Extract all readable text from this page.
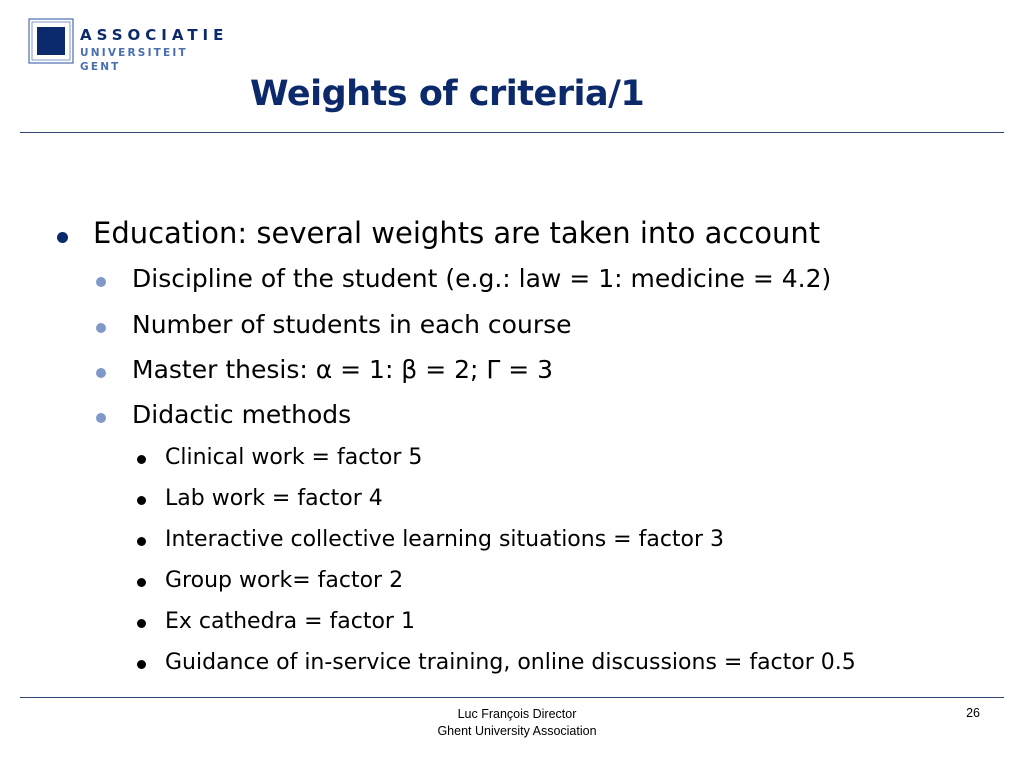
ASSOCIATIE
UNIVERSITEIT GENT
Weights of criteria/1
Education: several weights are taken into account
Discipline of the student (e.g.: law = 1: medicine = 4.2)
Number of students in each course
Master thesis: α = 1: β = 2; Γ = 3
Didactic methods
Clinical work = factor 5
Lab work = factor 4
Interactive collective learning situations = factor 3
Group work= factor 2
Ex cathedra = factor 1
Guidance of in-service training, online discussions = factor 0.5
Luc François Director
Ghent University Association
26
